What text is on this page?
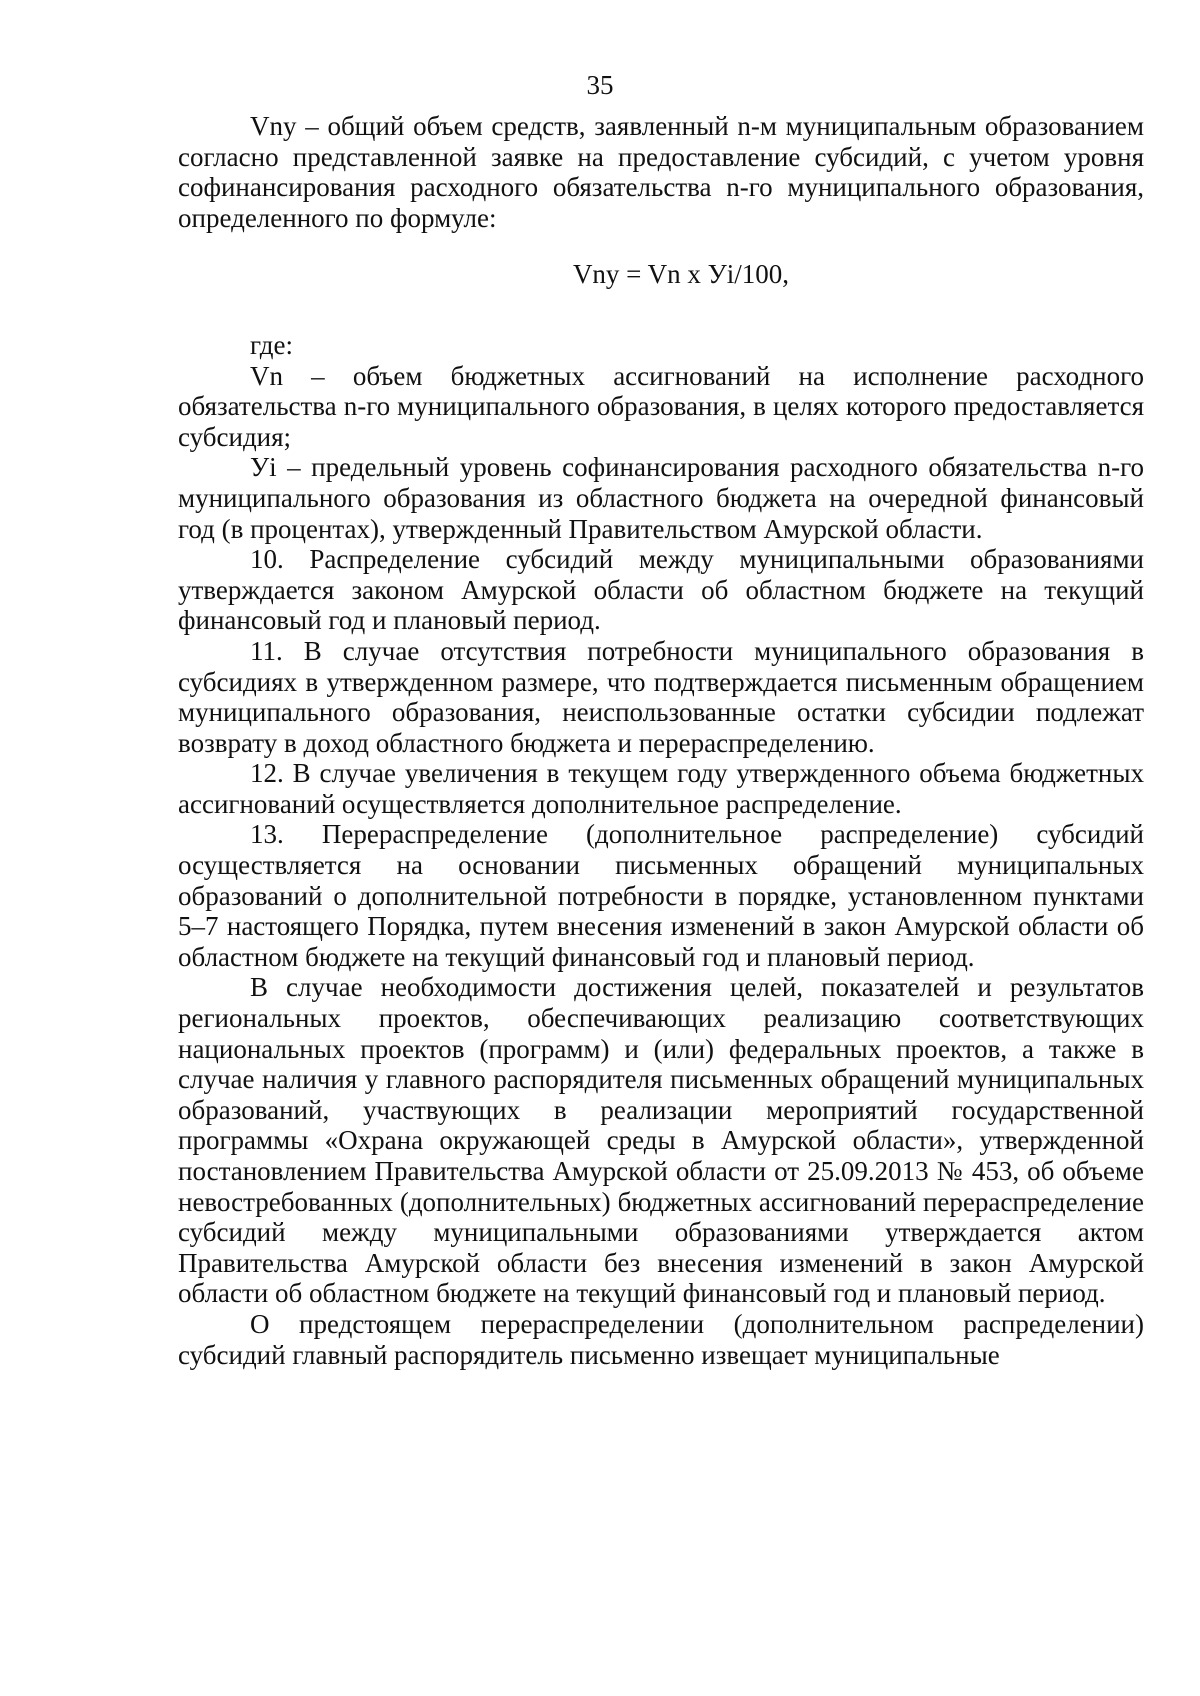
35

Vny – общий объем средств, заявленный n-м муниципальным образованием согласно представленной заявке на предоставление субсидий, с учетом уровня софинансирования расходного обязательства n-го муниципального образования, определенного по формуле:

Vny = Vn x Уi/100,

где:

Vn – объем бюджетных ассигнований на исполнение расходного обязательства n-го муниципального образования, в целях которого предоставляется субсидия;

Уi – предельный уровень софинансирования расходного обязательства n-го муниципального образования из областного бюджета на очередной финансовый год (в процентах), утвержденный Правительством Амурской области.

10. Распределение субсидий между муниципальными образованиями утверждается законом Амурской области об областном бюджете на текущий финансовый год и плановый период.

11. В случае отсутствия потребности муниципального образования в субсидиях в утвержденном размере, что подтверждается письменным обращением муниципального образования, неиспользованные остатки субсидии подлежат возврату в доход областного бюджета и перераспределению.

12. В случае увеличения в текущем году утвержденного объема бюджетных ассигнований осуществляется дополнительное распределение.

13. Перераспределение (дополнительное распределение) субсидий осуществляется на основании письменных обращений муниципальных образований о дополнительной потребности в порядке, установленном пунктами 5–7 настоящего Порядка, путем внесения изменений в закон Амурской области об областном бюджете на текущий финансовый год и плановый период.

В случае необходимости достижения целей, показателей и результатов региональных проектов, обеспечивающих реализацию соответствующих национальных проектов (программ) и (или) федеральных проектов, а также в случае наличия у главного распорядителя письменных обращений муниципальных образований, участвующих в реализации мероприятий государственной программы «Охрана окружающей среды в Амурской области», утвержденной постановлением Правительства Амурской области от 25.09.2013 № 453, об объеме невостребованных (дополнительных) бюджетных ассигнований перераспределение субсидий между муниципальными образованиями утверждается актом Правительства Амурской области без внесения изменений в закон Амурской области об областном бюджете на текущий финансовый год и плановый период.

О предстоящем перераспределении (дополнительном распределении) субсидий главный распорядитель письменно извещает муниципальные
